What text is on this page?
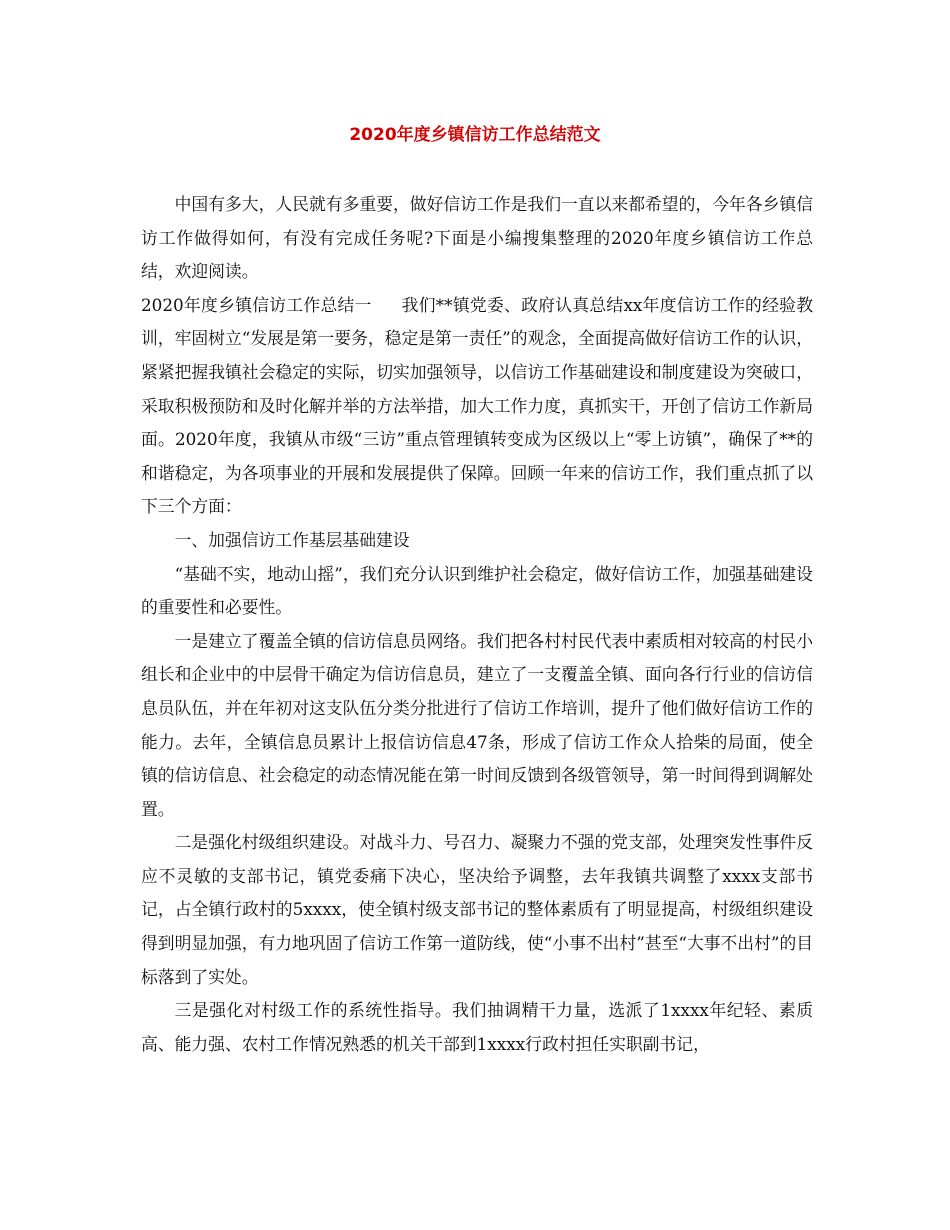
2020年度乡镇信访工作总结范文

中国有多大，人民就有多重要，做好信访工作是我们一直以来都希望的，今年各乡镇信访工作做得如何，有没有完成任务呢?下面是小编搜集整理的2020年度乡镇信访工作总结，欢迎阅读。

2020年度乡镇信访工作总结一 我们**镇党委、政府认真总结xx年度信访工作的经验教训，牢固树立“发展是第一要务，稳定是第一责任”的观念，全面提高做好信访工作的认识，紧紧把握我镇社会稳定的实际，切实加强领导，以信访工作基础建设和制度建设为突破口，采取积极预防和及时化解并举的方法举措，加大工作力度，真抓实干，开创了信访工作新局面。2020年度，我镇从市级“三访”重点管理镇转变成为区级以上“零上访镇”，确保了**的和谐稳定，为各项事业的开展和发展提供了保障。回顾一年来的信访工作，我们重点抓了以下三个方面：

一、加强信访工作基层基础建设

“基础不实，地动山摇”，我们充分认识到维护社会稳定，做好信访工作，加强基础建设的重要性和必要性。

一是建立了覆盖全镇的信访信息员网络。我们把各村村民代表中素质相对较高的村民小组长和企业中的中层骨干确定为信访信息员，建立了一支覆盖全镇、面向各行行业的信访信息员队伍，并在年初对这支队伍分类分批进行了信访工作培训，提升了他们做好信访工作的能力。去年，全镇信息员累计上报信访信息47条，形成了信访工作众人拾柴的局面，使全镇的信访信息、社会稳定的动态情况能在第一时间反馈到各级管领导，第一时间得到调解处置。

二是强化村级组织建设。对战斗力、号召力、凝聚力不强的党支部，处理突发性事件反应不灵敏的支部书记，镇党委痛下决心，坚决给予调整，去年我镇共调整了xxxx支部书记，占全镇行政村的5xxxx，使全镇村级支部书记的整体素质有了明显提高，村级组织建设得到明显加强，有力地巩固了信访工作第一道防线，使“小事不出村”甚至“大事不出村”的目标落到了实处。

三是强化对村级工作的系统性指导。我们抽调精干力量，选派了1xxxx年纪轻、素质高、能力强、农村工作情况熟悉的机关干部到1xxxx行政村担任实职副书记，
